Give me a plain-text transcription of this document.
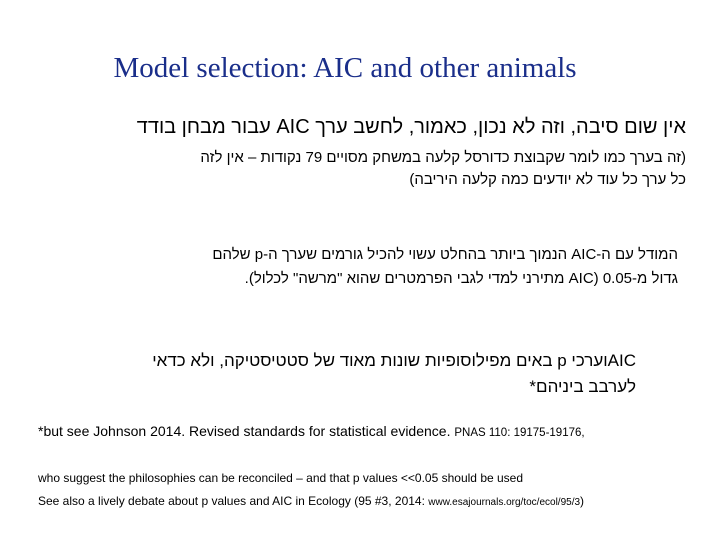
Model selection: AIC and other animals
אין שום סיבה, וזה לא נכון, כאמור, לחשב ערך AIC עבור מבחן בודד
(זה בערך כמו לומר שקבוצת כדורסל קלעה במשחק מסויים 79 נקודות – אין לזה
כל ערך כל עוד לא יודעים כמה קלעה היריבה)
המודל עם ה-AIC הנמוך ביותר בהחלט עשוי להכיל גורמים שערך ה-p שלהם
גדול מ-0.05 (AIC מתירני למדי לגבי הפרמטרים שהוא "מרשה" לכלול).
AICוערכי p באים מפילוסופיות שונות מאוד של סטטיסטיקה, ולא כדאי
לערבב ביניהם*
*but see Johnson 2014. Revised standards for statistical evidence. PNAS 110: 19175-19176,
who suggest the philosophies can be reconciled – and that p values <<0.05 should be used
See also a lively debate about p values and AIC in Ecology (95 #3, 2014: www.esajournals.org/toc/ecol/95/3)
